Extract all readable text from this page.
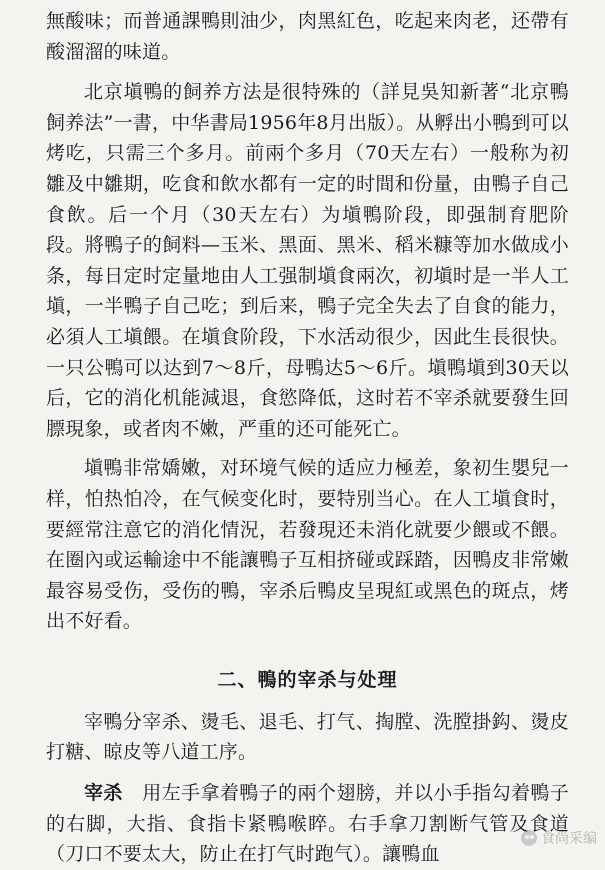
無酸味；而普通課鴨則油少，肉黑紅色，吃起来肉老，还帶有酸溜溜的味道。

北京塡鴨的飼养方法是很特殊的（詳見吳知新著“北京鴨飼养法”一書，中华書局1956年8月出版）。从孵出小鴨到可以烤吃，只需三个多月。前兩个多月（70天左右）一般称为初雛及中雛期，吃食和飲水都有一定的时間和份量，由鴨子自己食飲。后一个月（30天左右）为塡鴨阶段，即强制育肥阶段。將鴨子的飼料—玉米、黑面、黑米、稻米糠等加水做成小条，每日定时定量地由人工强制塡食兩次，初塡时是一半人工塡，一半鴨子自己吃；到后来，鴨子完全失去了自食的能力，必須人工塡餵。在塡食阶段，下水活动很少，因此生長很快。一只公鴨可以达到7～8斤，母鴨达5～6斤。塡鴨塡到30天以后，它的消化机能減退，食慾降低，这时若不宰杀就要發生回膘現象，或者肉不嫩，严重的还可能死亡。

塡鴨非常嬌嫩，对环境气候的适应力極差，象初生嬰兒一样，怕热怕冷，在气候变化时，要特別当心。在人工塡食时，要經常注意它的消化情況，若發現还未消化就要少餵或不餵。在圈內或运輸途中不能讓鴨子互相挤碰或踩踏，因鴨皮非常嫩最容易受伤，受伤的鴨，宰杀后鴨皮呈現紅或黑色的斑点，烤出不好看。

二、鴨的宰杀与处理

宰鴨分宰杀、燙毛、退毛、打气、掏膛、洗膛掛鈎、燙皮打糖、晾皮等八道工序。

宰杀　用左手拿着鴨子的兩个翅膀，并以小手指勾着鴨子的右脚，大指、食指卡紧鴨喉睟。右手拿刀割断气管及食道（刀口不要太大，防止在打气时跑气）。讓鴨血

食尚采编
